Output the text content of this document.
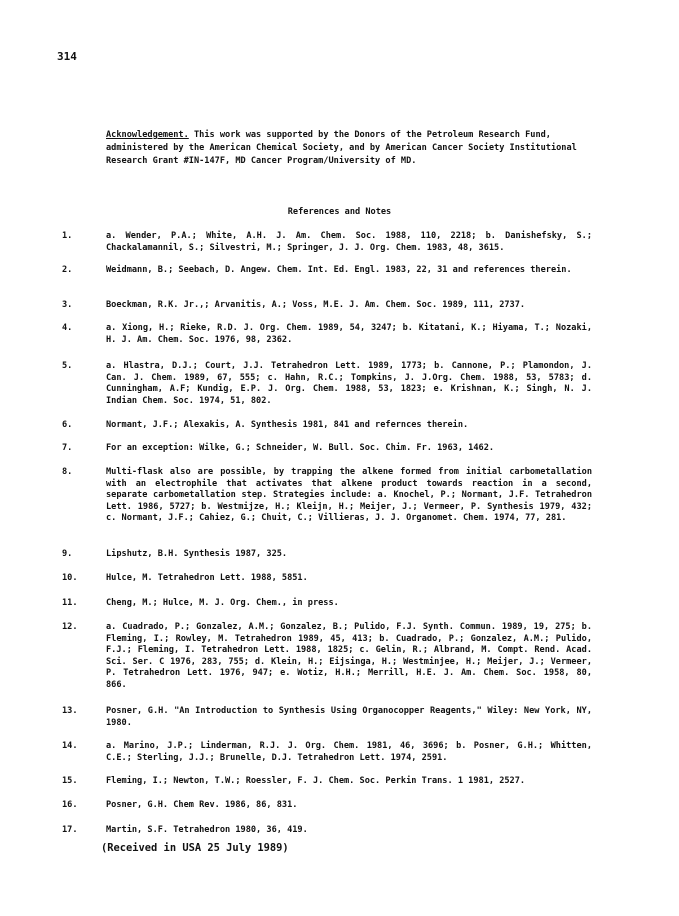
314
Acknowledgement. This work was supported by the Donors of the Petroleum Research Fund, administered by the American Chemical Society, and by American Cancer Society Institutional Research Grant #IN-147F, MD Cancer Program/University of MD.
References and Notes
1.	a. Wender, P.A.; White, A.H. J. Am. Chem. Soc. 1988, 110, 2218; b. Danishefsky, S.; Chackalamannil, S.; Silvestri, M.; Springer, J. J. Org. Chem. 1983, 48, 3615.
2.	Weidmann, B.; Seebach, D. Angew. Chem. Int. Ed. Engl. 1983, 22, 31 and references therein.
3.	Boeckman, R.K. Jr.,; Arvanitis, A.; Voss, M.E. J. Am. Chem. Soc. 1989, 111, 2737.
4.	a. Xiong, H.; Rieke, R.D. J. Org. Chem. 1989, 54, 3247; b. Kitatani, K.; Hiyama, T.; Nozaki, H. J. Am. Chem. Soc. 1976, 98, 2362.
5.	a. Hlastra, D.J.; Court, J.J. Tetrahedron Lett. 1989, 1773; b. Cannone, P.; Plamondon, J. Can. J. Chem. 1989, 67, 555; c. Hahn, R.C.; Tompkins, J. J.Org. Chem. 1988, 53, 5783; d. Cunningham, A.F; Kundig, E.P. J. Org. Chem. 1988, 53, 1823; e. Krishnan, K.; Singh, N. J. Indian Chem. Soc. 1974, 51, 802.
6.	Normant, J.F.; Alexakis, A. Synthesis 1981, 841 and refernces therein.
7.	For an exception: Wilke, G.; Schneider, W. Bull. Soc. Chim. Fr. 1963, 1462.
8.	Multi-flask also are possible, by trapping the alkene formed from initial carbometallation with an electrophile that activates that alkene product towards reaction in a second, separate carbometallation step. Strategies include: a. Knochel, P.; Normant, J.F. Tetrahedron Lett. 1986, 5727; b. Westmijze, H.; Kleijn, H.; Meijer, J.; Vermeer, P. Synthesis 1979, 432; c. Normant, J.F.; Cahiez, G.; Chuit, C.; Villieras, J. J. Organomet. Chem. 1974, 77, 281.
9.	Lipshutz, B.H. Synthesis 1987, 325.
10.	Hulce, M. Tetrahedron Lett. 1988, 5851.
11.	Cheng, M.; Hulce, M. J. Org. Chem., in press.
12.	a. Cuadrado, P.; Gonzalez, A.M.; Gonzalez, B.; Pulido, F.J. Synth. Commun. 1989, 19, 275; b. Fleming, I.; Rowley, M. Tetrahedron 1989, 45, 413; b. Cuadrado, P.; Gonzalez, A.M.; Pulido, F.J.; Fleming, I. Tetrahedron Lett. 1988, 1825; c. Gelin, R.; Albrand, M. Compt. Rend. Acad. Sci. Ser. C 1976, 283, 755; d. Klein, H.; Eijsinga, H.; Westminjee, H.; Meijer, J.; Vermeer, P. Tetrahedron Lett. 1976, 947; e. Wotiz, H.H.; Merrill, H.E. J. Am. Chem. Soc. 1958, 80, 866.
13.	Posner, G.H. "An Introduction to Synthesis Using Organocopper Reagents," Wiley: New York, NY, 1980.
14.	a. Marino, J.P.; Linderman, R.J. J. Org. Chem. 1981, 46, 3696; b. Posner, G.H.; Whitten, C.E.; Sterling, J.J.; Brunelle, D.J. Tetrahedron Lett. 1974, 2591.
15.	Fleming, I.; Newton, T.W.; Roessler, F. J. Chem. Soc. Perkin Trans. 1 1981, 2527.
16.	Posner, G.H. Chem Rev. 1986, 86, 831.
17.	Martin, S.F. Tetrahedron 1980, 36, 419.
(Received in USA 25 July 1989)
